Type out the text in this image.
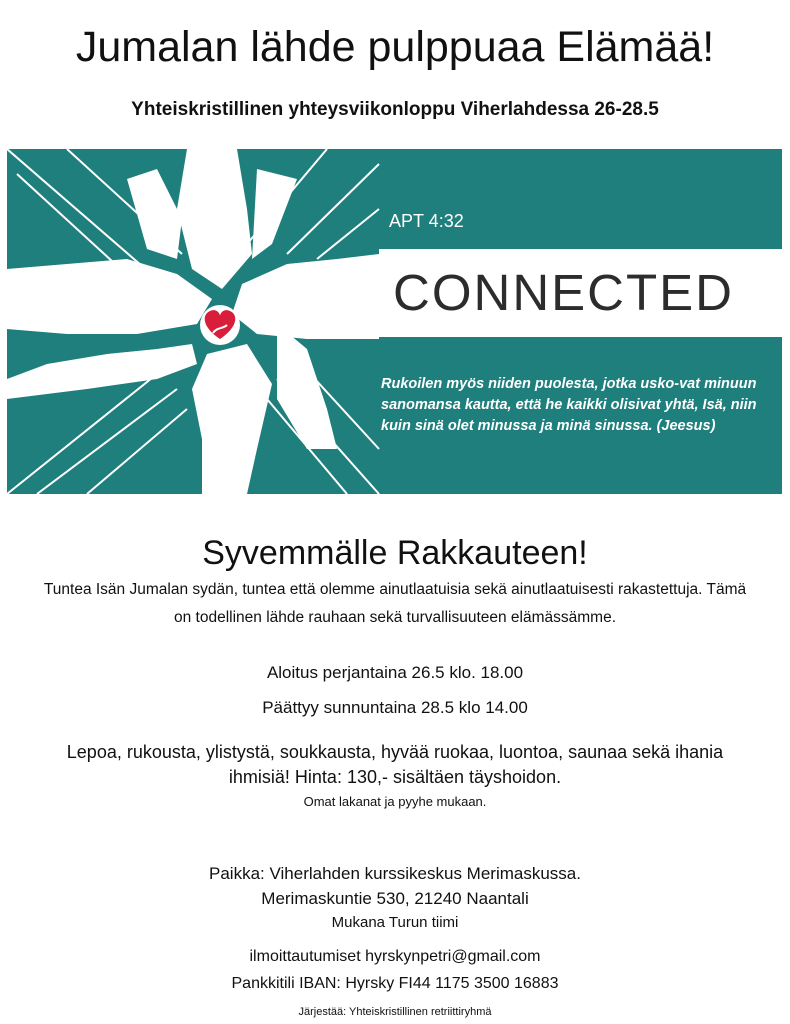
Jumalan lähde pulppuaa Elämää!
Yhteiskristillinen yhteysviikonloppu Viherlahdessa 26-28.5
APT 4:32
CONNECTED
Rukoilen myös niiden puolesta, jotka usko-vat minuun sanomansa kautta, että he kaikki olisivat yhtä, Isä, niin kuin sinä olet minussa ja minä sinussa. (Jeesus)
Syvemmälle Rakkauteen!
Tuntea Isän Jumalan sydän, tuntea että olemme ainutlaatuisia sekä ainutlaatuisesti rakastettuja. Tämä on todellinen lähde rauhaan sekä turvallisuuteen elämässämme.
Aloitus perjantaina 26.5 klo. 18.00
Päättyy sunnuntaina 28.5 klo 14.00
Lepoa, rukousta, ylistystä, soukkausta, hyvää ruokaa, luontoa, saunaa sekä ihania ihmisiä! Hinta: 130,- sisältäen täyshoidon.
Omat lakanat ja pyyhe mukaan.
Paikka: Viherlahden kurssikeskus Merimaskussa.
Merimaskuntie 530, 21240 Naantali
Mukana Turun tiimi
ilmoittautumiset hyrskynpetri@gmail.com
Pankkitili IBAN: Hyrsky FI44 1175 3500 16883
Järjestää: Yhteiskristillinen retriittiryhmä
